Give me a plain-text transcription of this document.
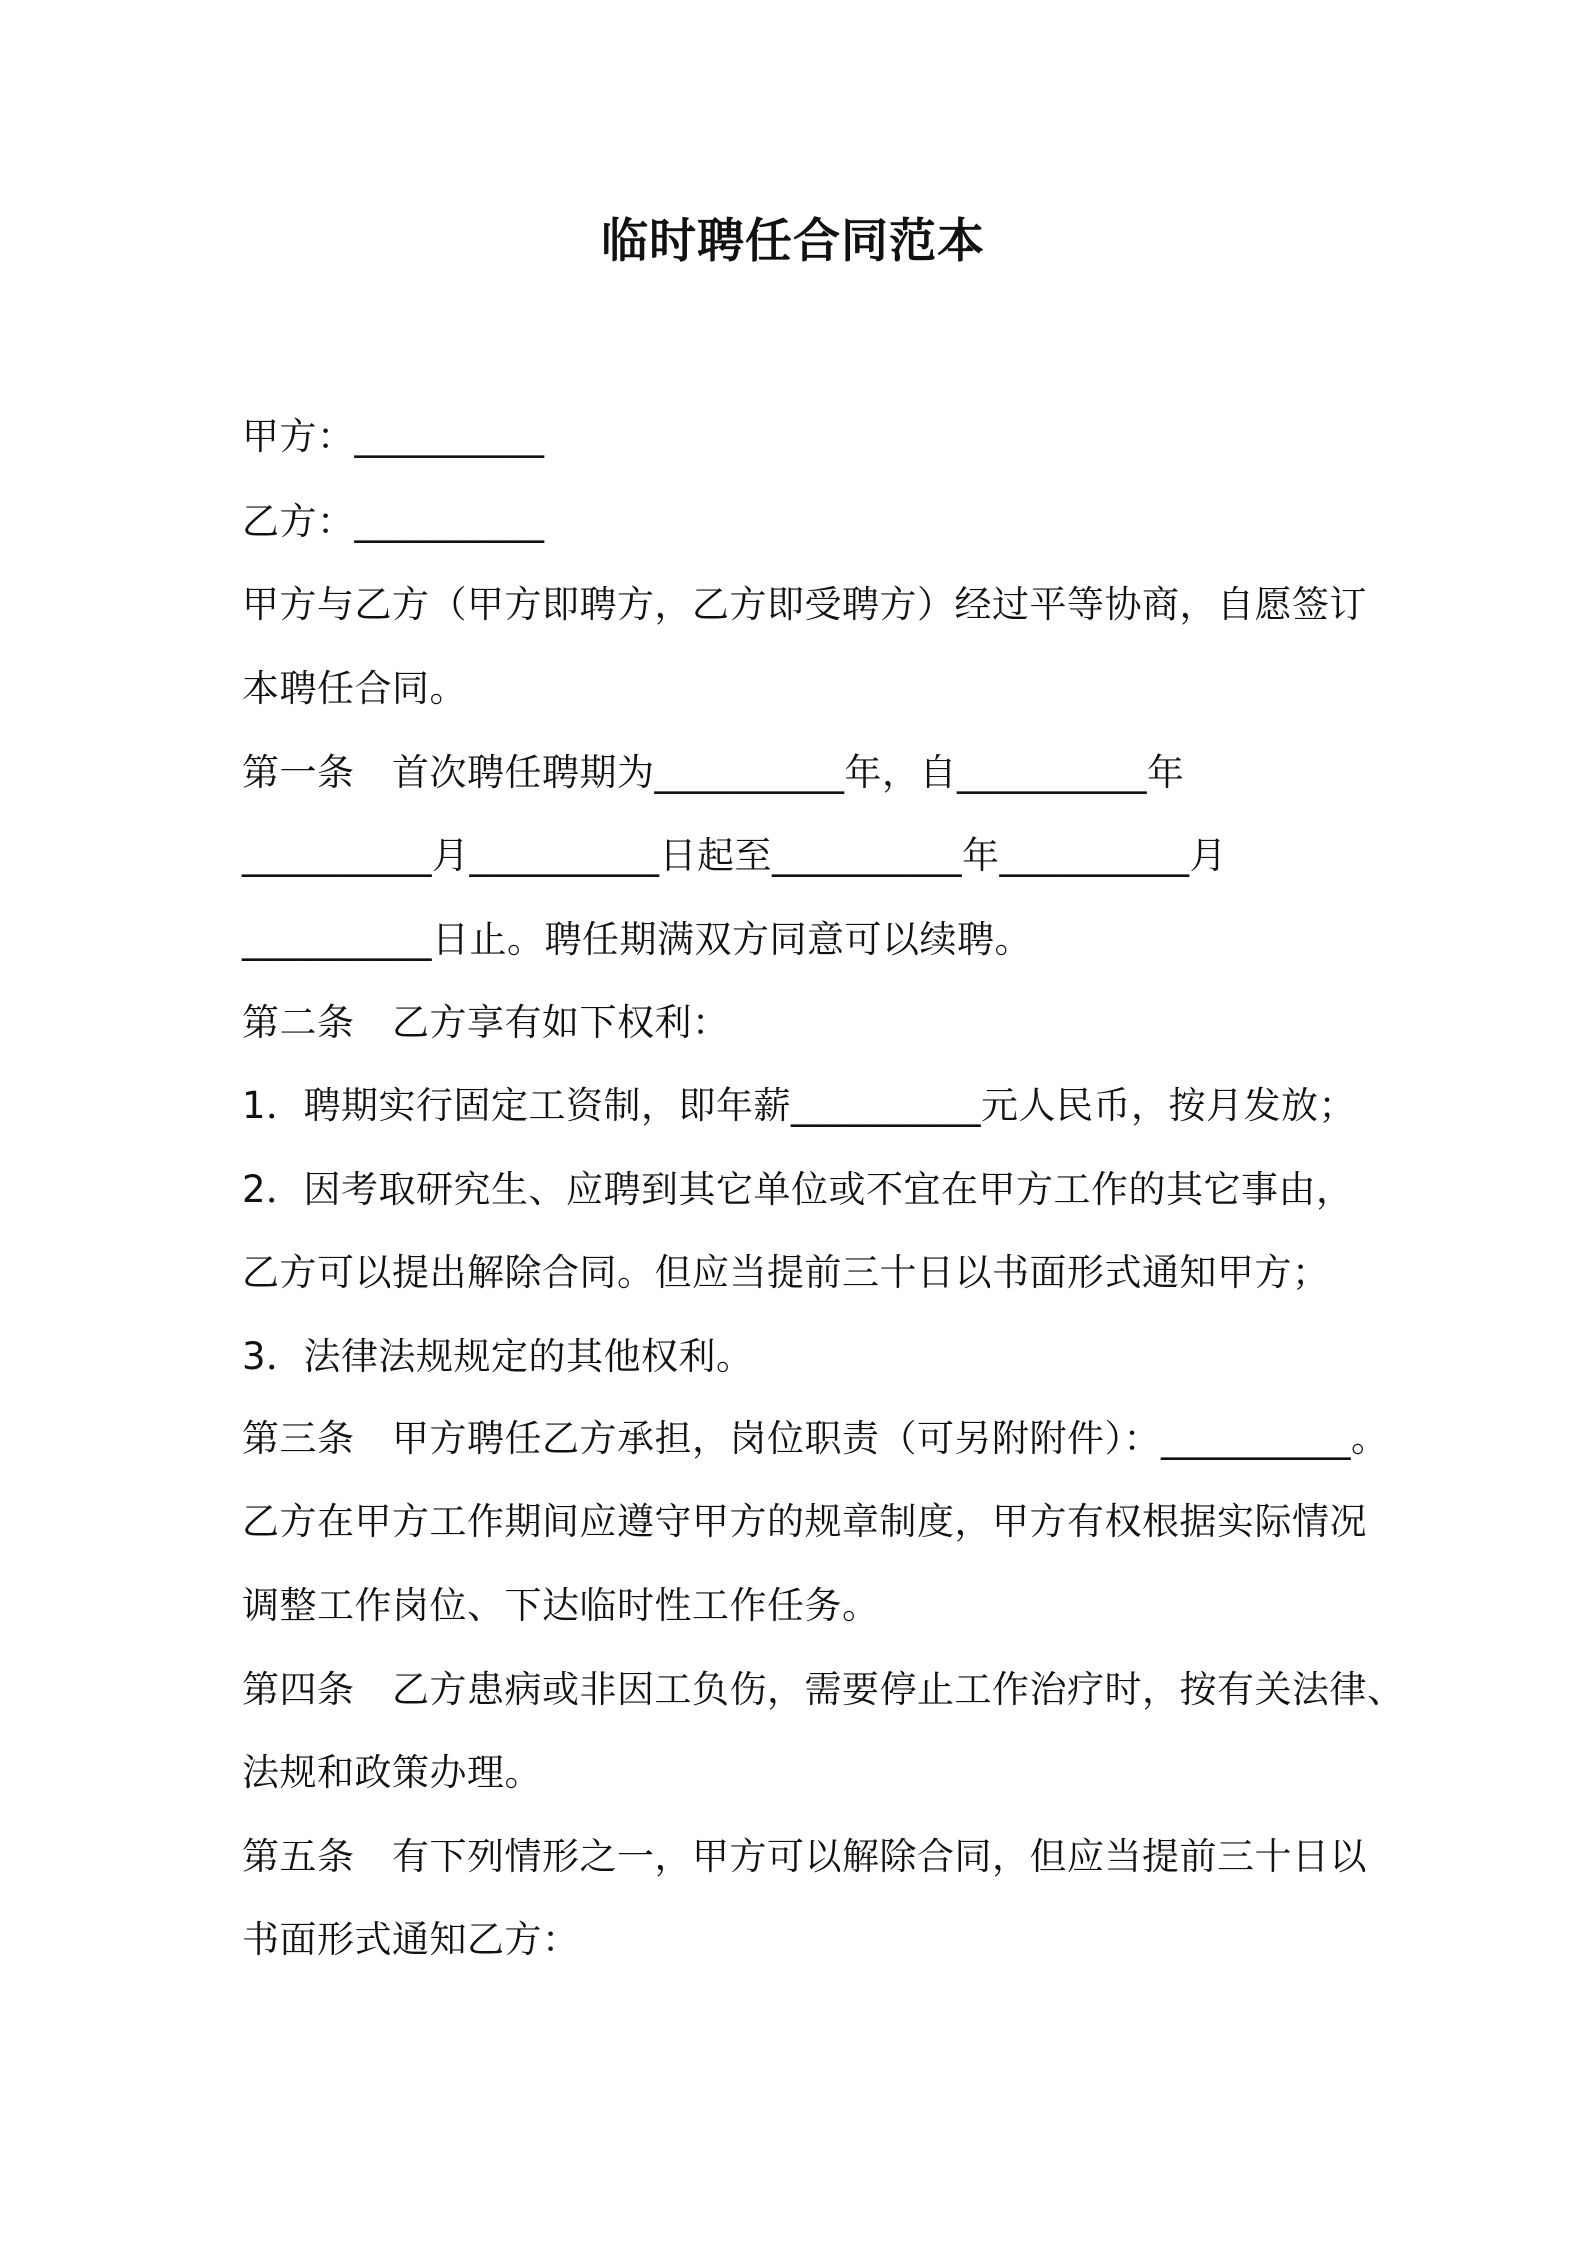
临时聘任合同范本
甲方：__________
乙方：__________
甲方与乙方（甲方即聘方，乙方即受聘方）经过平等协商，自愿签订
本聘任合同。
第一条　首次聘任聘期为__________年，自__________年
__________月__________日起至__________年__________月
__________日止。聘任期满双方同意可以续聘。
第二条　乙方享有如下权利：
1．聘期实行固定工资制，即年薪__________元人民币，按月发放；
2．因考取研究生、应聘到其它单位或不宜在甲方工作的其它事由，
乙方可以提出解除合同。但应当提前三十日以书面形式通知甲方；
3．法律法规规定的其他权利。
第三条　甲方聘任乙方承担，岗位职责（可另附附件）：__________。
乙方在甲方工作期间应遵守甲方的规章制度，甲方有权根据实际情况
调整工作岗位、下达临时性工作任务。
第四条　乙方患病或非因工负伤，需要停止工作治疗时，按有关法律、
法规和政策办理。
第五条　有下列情形之一，甲方可以解除合同，但应当提前三十日以
书面形式通知乙方：
